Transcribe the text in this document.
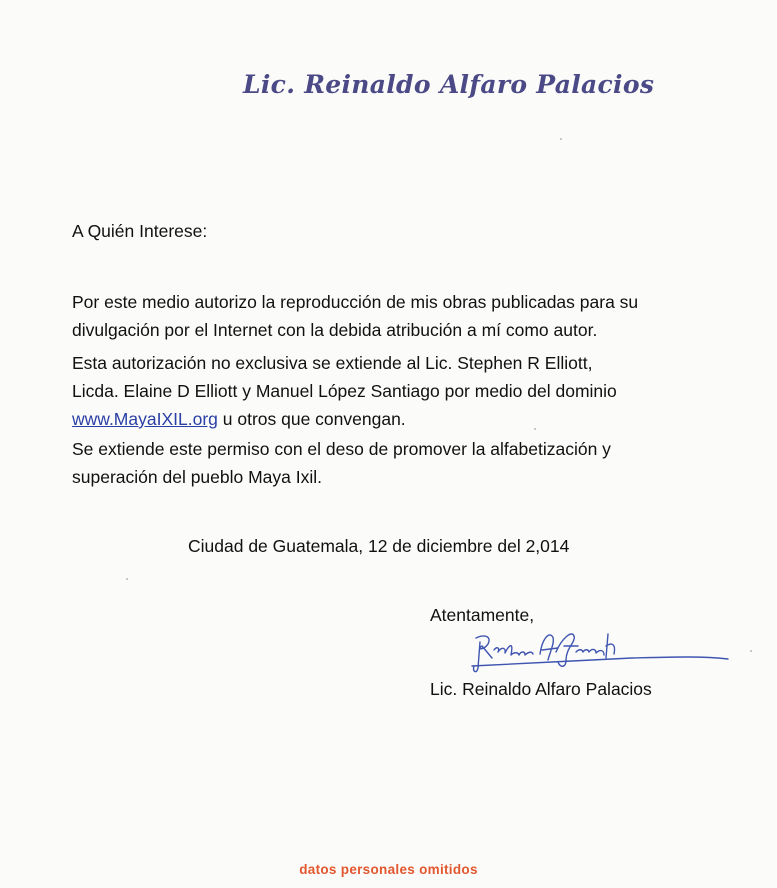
Lic. Reinaldo Alfaro Palacios
A Quién Interese:
Por este medio autorizo la reproducción de mis obras publicadas para su
divulgación por el Internet con la debida atribución a mí como autor.
Esta autorización no exclusiva se extiende al Lic. Stephen R Elliott,
Licda. Elaine D Elliott y Manuel López Santiago por medio del dominio
www.MayaIXIL.org u otros que convengan.
Se extiende este permiso con el deso de promover la alfabetización y
superación del pueblo Maya Ixil.
Ciudad de Guatemala, 12 de diciembre del 2,014
Atentamente,
Lic. Reinaldo Alfaro Palacios
datos personales omitidos
